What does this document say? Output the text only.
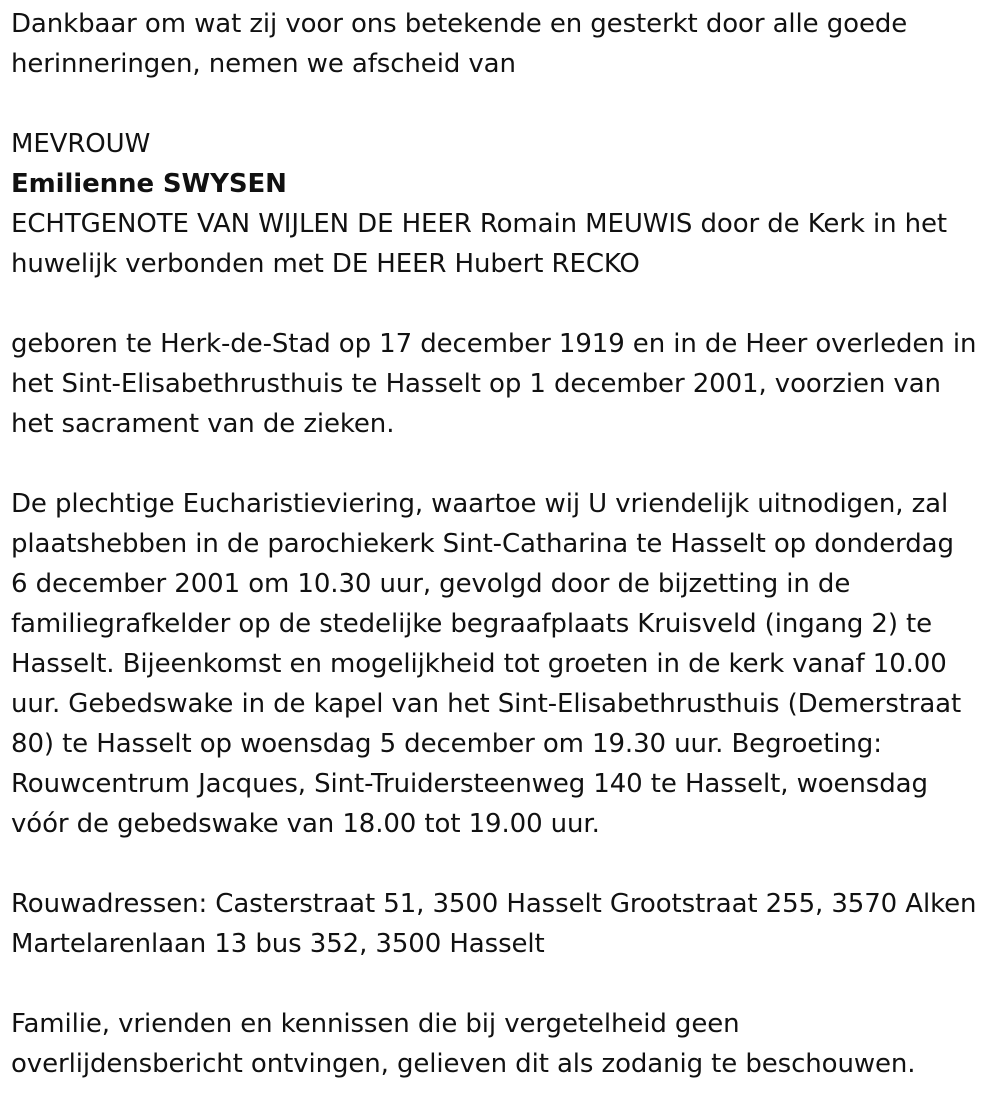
Dankbaar om wat zij voor ons betekende en gesterkt door alle goede
herinneringen, nemen we afscheid van
MEVROUW
Emilienne SWYSEN
ECHTGENOTE VAN WIJLEN DE HEER Romain MEUWIS door de Kerk in het
huwelijk verbonden met DE HEER Hubert RECKO
geboren te Herk-de-Stad op 17 december 1919 en in de Heer overleden in
het Sint-Elisabethrusthuis te Hasselt op 1 december 2001, voorzien van
het sacrament van de zieken.
De plechtige Eucharistieviering, waartoe wij U vriendelijk uitnodigen, zal
plaatshebben in de parochiekerk Sint-Catharina te Hasselt op donderdag
6 december 2001 om 10.30 uur, gevolgd door de bijzetting in de
familiegrafkelder op de stedelijke begraafplaats Kruisveld (ingang 2) te
Hasselt. Bijeenkomst en mogelijkheid tot groeten in de kerk vanaf 10.00
uur. Gebedswake in de kapel van het Sint-Elisabethrusthuis (Demerstraat
80) te Hasselt op woensdag 5 december om 19.30 uur. Begroeting:
Rouwcentrum Jacques, Sint-Truidersteenweg 140 te Hasselt, woensdag
vóór de gebedswake van 18.00 tot 19.00 uur.
Rouwadressen: Casterstraat 51, 3500 Hasselt Grootstraat 255, 3570 Alken
Martelarenlaan 13 bus 352, 3500 Hasselt
Familie, vrienden en kennissen die bij vergetelheid geen
overlijdensbericht ontvingen, gelieven dit als zodanig te beschouwen.
